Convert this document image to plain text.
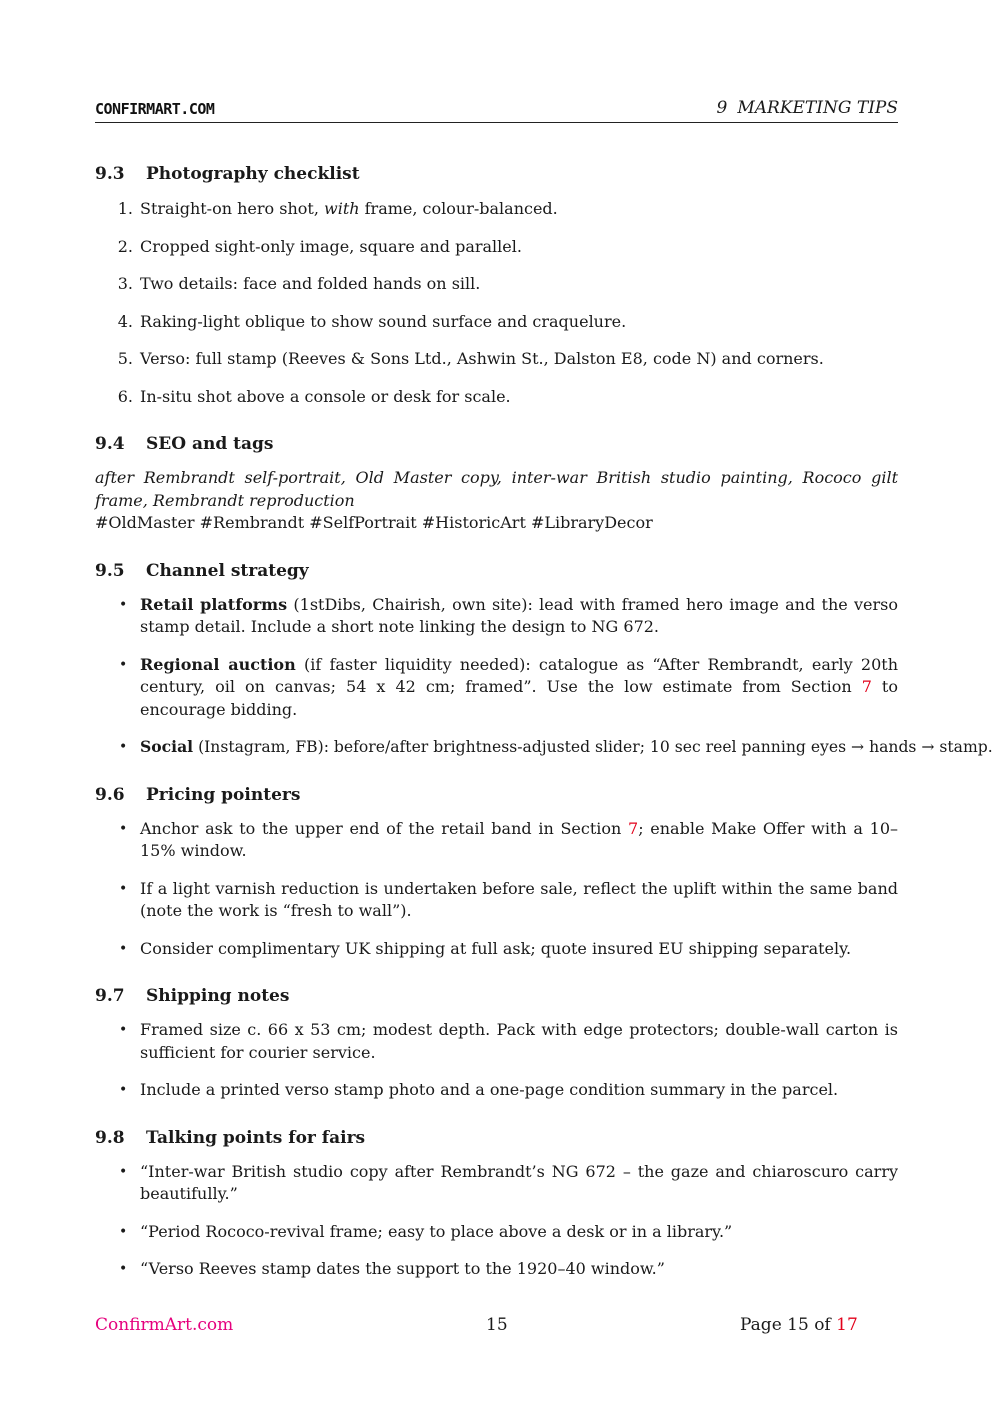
CONFIRMART.COM	9 MARKETING TIPS
9.3 Photography checklist
1. Straight-on hero shot, with frame, colour-balanced.
2. Cropped sight-only image, square and parallel.
3. Two details: face and folded hands on sill.
4. Raking-light oblique to show sound surface and craquelure.
5. Verso: full stamp (Reeves & Sons Ltd., Ashwin St., Dalston E8, code N) and corners.
6. In-situ shot above a console or desk for scale.
9.4 SEO and tags
after Rembrandt self-portrait, Old Master copy, inter-war British studio painting, Rococo gilt frame, Rembrandt reproduction
#OldMaster #Rembrandt #SelfPortrait #HistoricArt #LibraryDecor
9.5 Channel strategy
• Retail platforms (1stDibs, Chairish, own site): lead with framed hero image and the verso stamp detail. Include a short note linking the design to NG 672.
• Regional auction (if faster liquidity needed): catalogue as “After Rembrandt, early 20th century, oil on canvas; 54 x 42 cm; framed”. Use the low estimate from Section 7 to encourage bidding.
• Social (Instagram, FB): before/after brightness-adjusted slider; 10 sec reel panning eyes → hands → stamp.
9.6 Pricing pointers
• Anchor ask to the upper end of the retail band in Section 7; enable Make Offer with a 10–15% window.
• If a light varnish reduction is undertaken before sale, reflect the uplift within the same band (note the work is “fresh to wall”).
• Consider complimentary UK shipping at full ask; quote insured EU shipping separately.
9.7 Shipping notes
• Framed size c. 66 x 53 cm; modest depth. Pack with edge protectors; double-wall carton is sufficient for courier service.
• Include a printed verso stamp photo and a one-page condition summary in the parcel.
9.8 Talking points for fairs
• “Inter-war British studio copy after Rembrandt’s NG 672 – the gaze and chiaroscuro carry beautifully.”
• “Period Rococo-revival frame; easy to place above a desk or in a library.”
• “Verso Reeves stamp dates the support to the 1920–40 window.”
ConfirmArt.com	15	Page 15 of 17
